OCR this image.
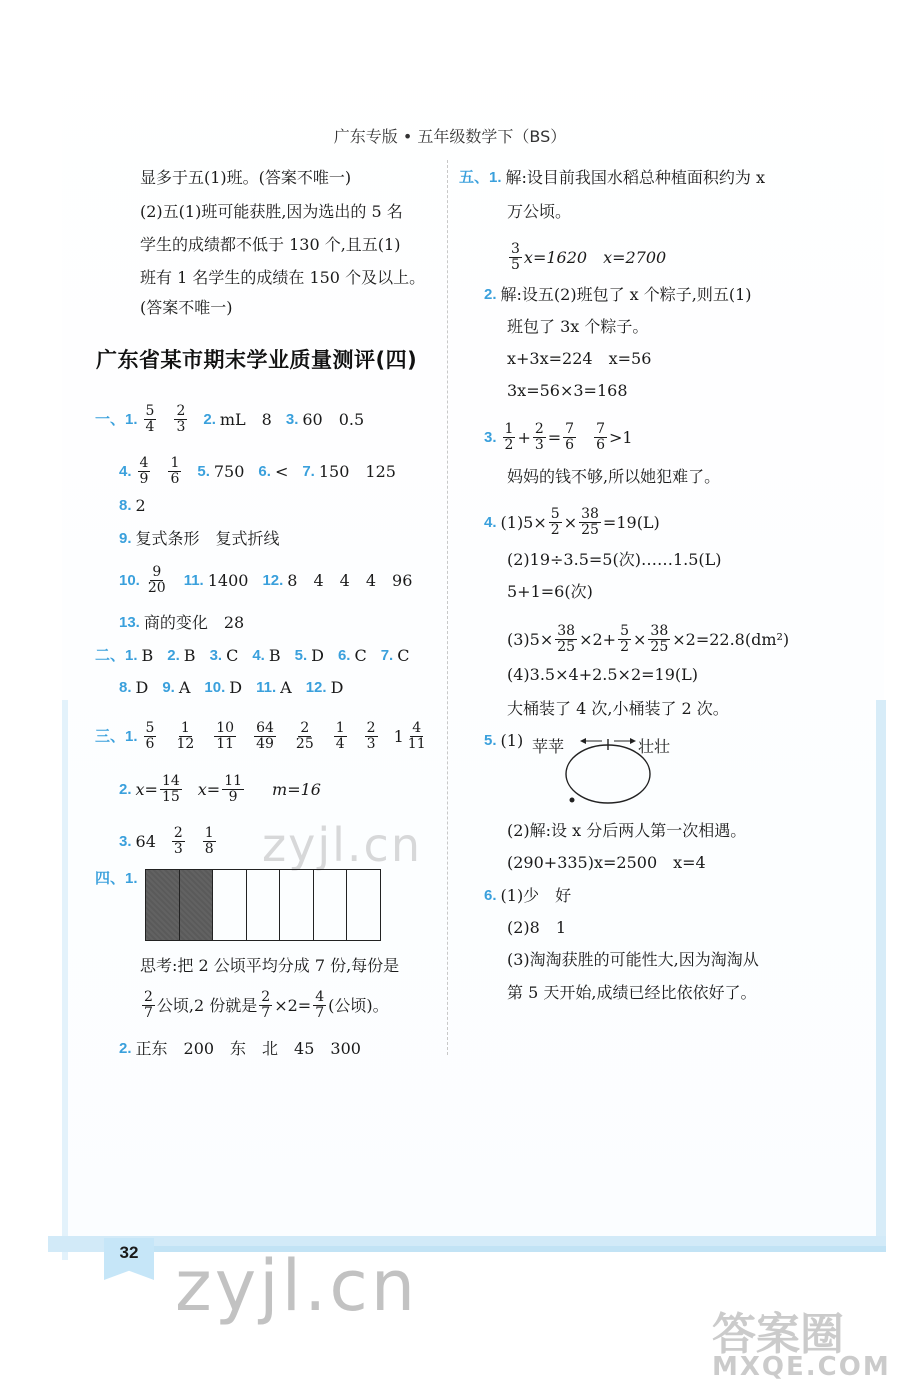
广东专版 • 五年级数学下（BS）
显多于五(1)班。(答案不唯一)
(2)五(1)班可能获胜,因为选出的 5 名
学生的成绩都不低于 130 个,且五(1)
班有 1 名学生的成绩在 150 个及以上。
(答案不唯一)
广东省某市期末学业质量测评(四)
一、1. $\frac{5}{4} \frac{2}{3} 2$. mL　8 3. 60　0.5
4. $\frac{4}{9} \frac{1}{6} 5$. 750 6. < 7. 150　125
8. 2
9. 复式条形　复式折线
10. $\frac{9}{20} 11$. 1400 12. 8　4　4　4　96
13. 商的变化　28
二、1. B 2. B 3. C 4. B 5. D 6. C 7. C
8. D 9. A 10. D 11. A 12. D
三、1. $\frac{5}{6} \frac{1}{12} \frac{10}{11} \frac{64}{49} \frac{2}{25} \frac{1}{4} \frac{2}{3} 1 \frac{4}{11}$
2. $x= \frac{14}{15} x= \frac{11}{9} m=16$
3. $64 \frac{2}{3} \frac{1}{8}$ zyjl.cn
四、1.
思考:把 2 公顷平均分成 7 份,每份是
$\frac{2}{7}$ 公顷,2 份就是 $\frac{2}{7} \times 2= \frac{4}{7}$ (公顷)。
2. 正东　200　东　北　45　300
五、1. 解:设目前我国水稻总种植面积约为 x
万公顷。
$\frac{3}{5} x=1620$　x=2700
2. 解:设五(2)班包了 x 个粽子,则五(1)
班包了 3x 个粽子。
x+3x=224　x=56
3x=56×3=168
3. $\frac{1}{2} + \frac{2}{3} = \frac{7}{6} \frac{7}{6} >1$
妈妈的钱不够,所以她犯难了。
4. $(1)5\times \frac{5}{2} \times \frac{38}{25} =19(L)$
(2)19÷3.5=5(次)……1.5(L)
5+1=6(次)
$(3)5\times \frac{38}{25} \times 2+ \frac{5}{2} \times \frac{38}{25} \times 2=22.8(dm^2)$
(4)3.5×4+2.5×2=19(L)
大桶装了 4 次,小桶装了 2 次。
5. (1) 苹苹	壮壮
(2)解:设 x 分后两人第一次相遇。
(290+335)x=2500　x=4
6. (1)少　好
(2)8　1
(3)淘淘获胜的可能性大,因为淘淘从
第 5 天开始,成绩已经比依依好了。
32 zyjl.cn
答案圈
MXQE.COM
